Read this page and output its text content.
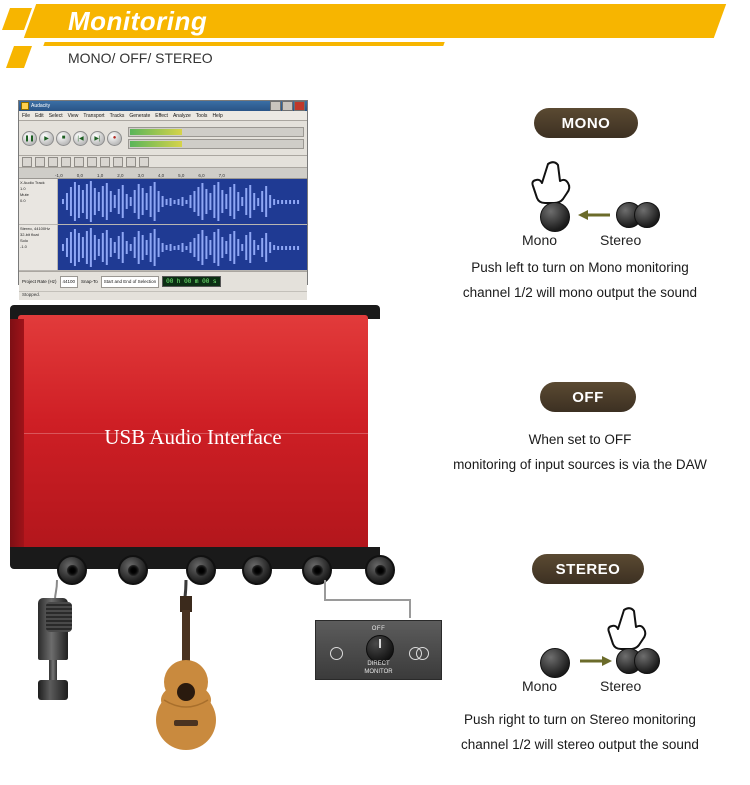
Monitoring
MONO/ OFF/ STEREO
Audacity
File Edit Select View Transport Tracks Generate Effect Analyze Tools Help
❚❚	▶	■	|◀	▶|	●
-1,0	0,0	1,0	2,0	3,0	4,0	5,0	6,0	7,0
X Audio Track
1.0
Mute
0.0
Stereo, 44100Hz 32-bit float
Solo
-1.0
Project Rate (Hz)	44100	Snap-To	Start and End of Selection	00 h 00 m 00 s
Stopped.
USB Audio Interface
OFF
DIRECT
MONITOR
MONO
Mono	Stereo
Push left to turn on Mono monitoring
channel 1/2 will mono output the sound
OFF
When set to OFF
monitoring of input sources is via the DAW
STEREO
Mono	Stereo
Push right to turn on Stereo monitoring
channel 1/2 will stereo output the sound
